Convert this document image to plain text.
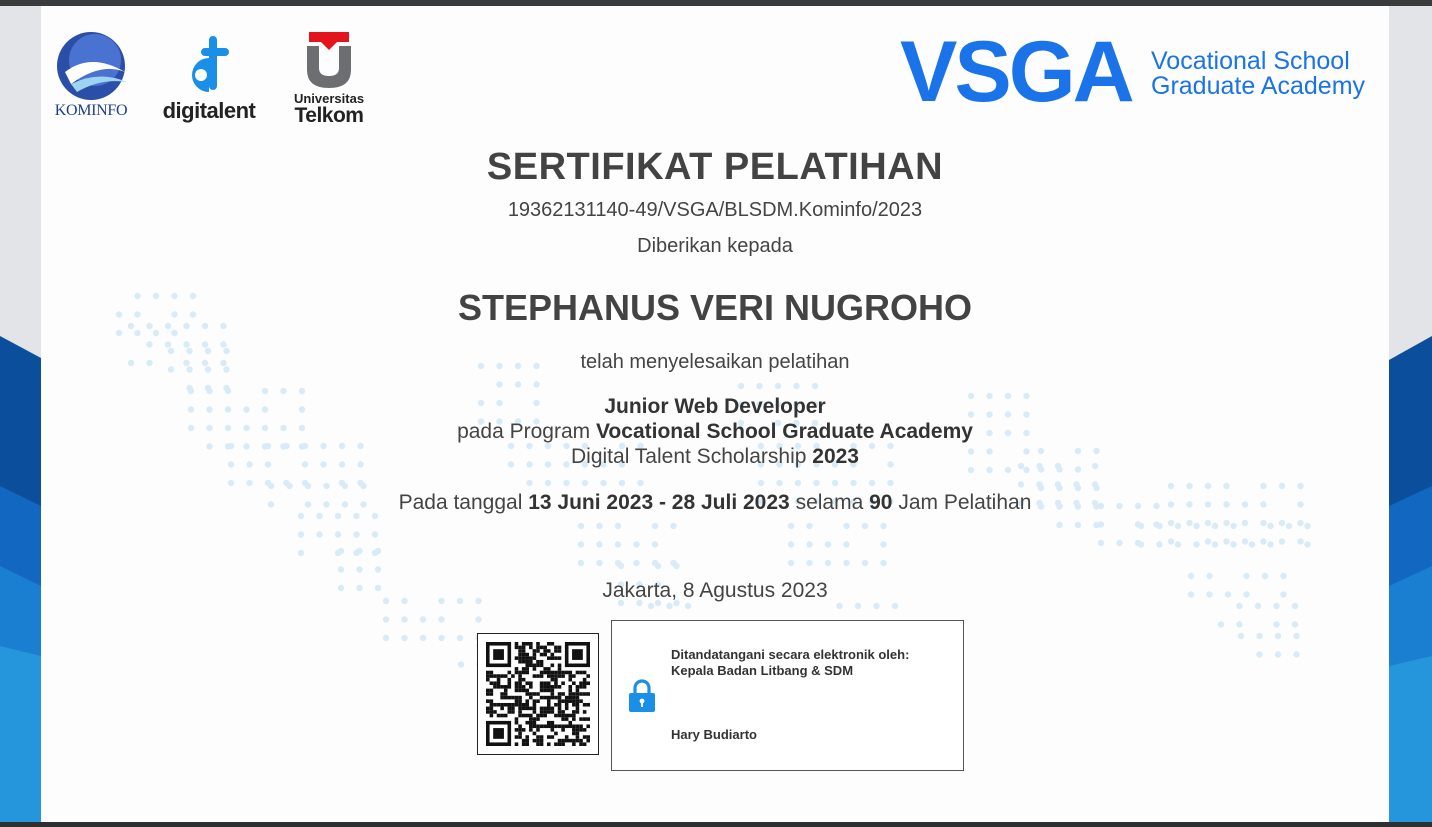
KOMINFO digitalent	Universitas
Telkom	VSGA Vocational School
Graduate Academy
SERTIFIKAT PELATIHAN
19362131140-49/VSGA/BLSDM.Kominfo/2023
Diberikan kepada
STEPHANUS VERI NUGROHO
telah menyelesaikan pelatihan
Junior Web Developer
pada Program Vocational School Graduate Academy
Digital Talent Scholarship 2023
Pada tanggal 13 Juni 2023 - 28 Juli 2023 selama 90 Jam Pelatihan
Jakarta, 8 Agustus 2023
Ditandatangani secara elektronik oleh:
Kepala Badan Litbang & SDM
Hary Budiarto
